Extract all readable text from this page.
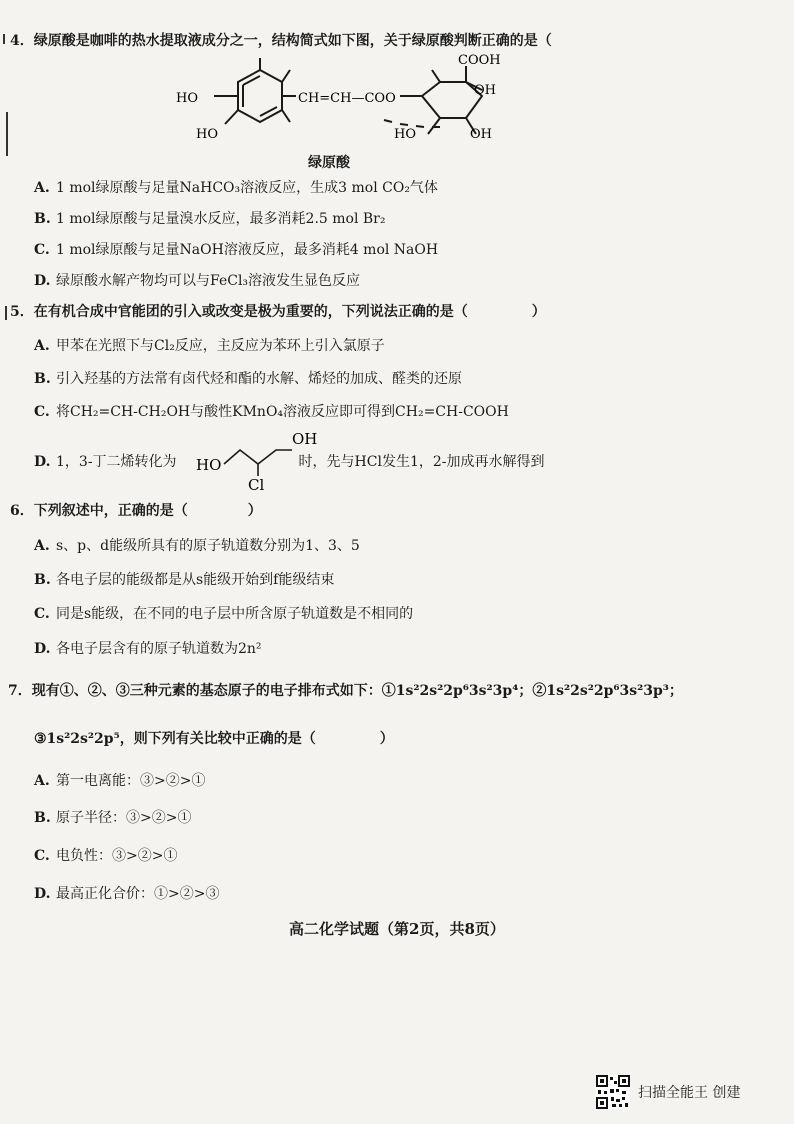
4．绿原酸是咖啡的热水提取液成分之一，结构简式如下图，关于绿原酸判断正确的是（
HO
HO
CH=CH—COO
COOH
OH
HO	OH
绿原酸
A. 1 mol绿原酸与足量NaHCO₃溶液反应，生成3 mol CO₂气体
B. 1 mol绿原酸与足量溴水反应，最多消耗2.5 mol Br₂
C. 1 mol绿原酸与足量NaOH溶液反应，最多消耗4 mol NaOH
D. 绿原酸水解产物均可以与FeCl₃溶液发生显色反应
5．在有机合成中官能团的引入或改变是极为重要的，下列说法正确的是（	）
A. 甲苯在光照下与Cl₂反应，主反应为苯环上引入氯原子
B. 引入羟基的方法常有卤代烃和酯的水解、烯烃的加成、醛类的还原
C. 将CH₂=CH-CH₂OH与酸性KMnO₄溶液反应即可得到CH₂=CH-COOH
D. 1，3-丁二烯转化为	时，先与HCl发生1，2-加成再水解得到
HO
OH
Cl
6．下列叙述中，正确的是（	）
A. s、p、d能级所具有的原子轨道数分别为1、3、5
B. 各电子层的能级都是从s能级开始到f能级结束
C. 同是s能级，在不同的电子层中所含原子轨道数是不相同的
D. 各电子层含有的原子轨道数为2n²
7．现有①、②、③三种元素的基态原子的电子排布式如下：①1s²2s²2p⁶3s²3p⁴；②1s²2s²2p⁶3s²3p³；
③1s²2s²2p⁵，则下列有关比较中正确的是（	）
A. 第一电离能：③>②>①
B. 原子半径：③>②>①
C. 电负性：③>②>①
D. 最高正化合价：①>②>③
高二化学试题（第2页，共8页）
扫描全能王 创建
